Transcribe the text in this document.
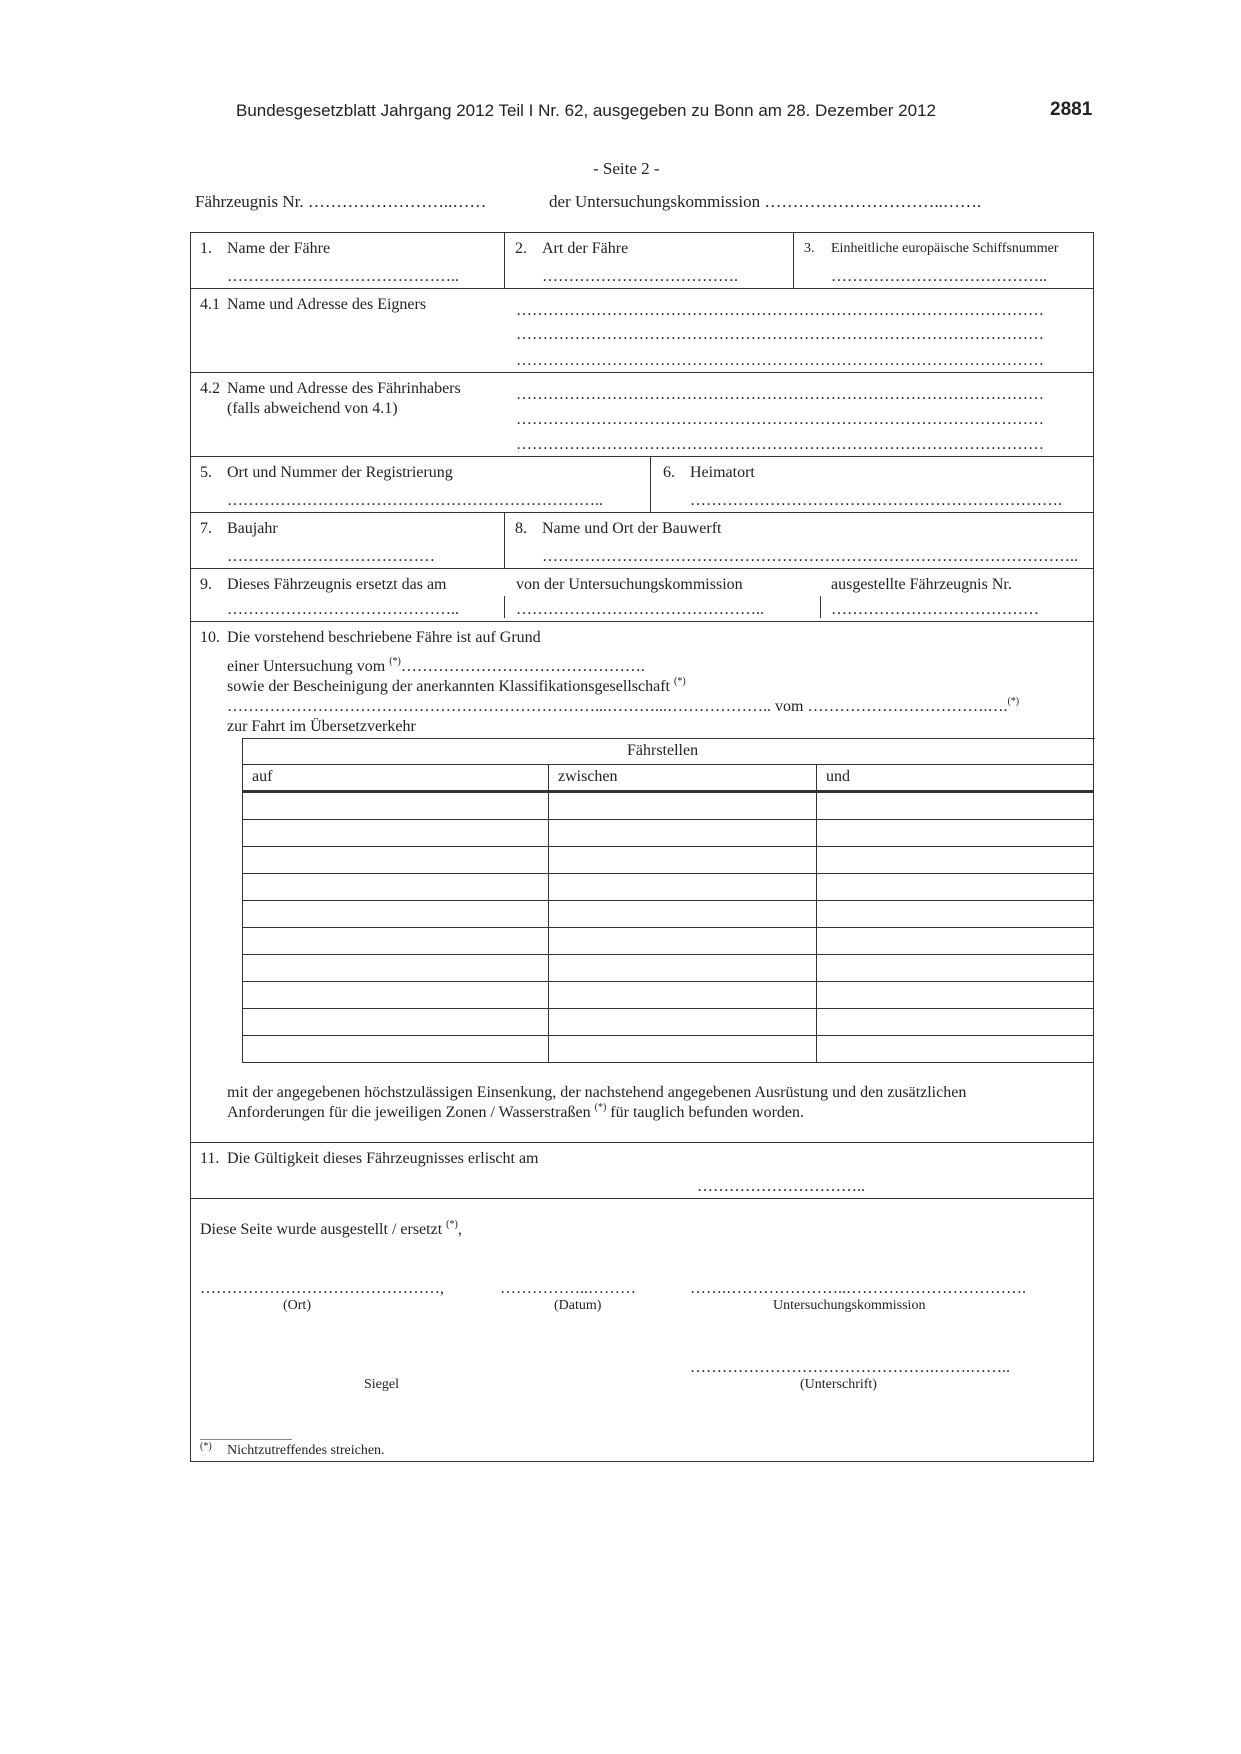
Bundesgesetzblatt Jahrgang 2012 Teil I Nr. 62, ausgegeben zu Bonn am 28. Dezember 2012	2881
- Seite 2 -
Fährzeugnis Nr. ……………………..……	der Untersuchungskommission …………………………..…….
1. Name der Fähre
……………………………………..
2. Art der Fähre
……………………………….
3. Einheitliche europäische Schiffsnummer
…………………………………..
4.1 Name und Adresse des Eigners	………………………………………………………………………………………
………………………………………………………………………………………
………………………………………………………………………………………
4.2 Name und Adresse des Fährinhabers
(falls abweichend von 4.1)
………………………………………………………………………………………
………………………………………………………………………………………
………………………………………………………………………………………
5. Ort und Nummer der Registrierung
……………………………………………………………..
6. Heimatort
…………………………………………………………….
7. Baujahr
…………………………………
8. Name und Ort der Bauwerft
………………………………………………………………………………………..
9. Dieses Fährzeugnis ersetzt das am
……………………………………..
von der Untersuchungskommission
………………………………………..
ausgestellte Fährzeugnis Nr.
…………………………………
10. Die vorstehend beschriebene Fähre ist auf Grund
einer Untersuchung vom (*)……………………………………….
sowie der Bescheinigung der anerkannten Klassifikationsgesellschaft (*)
……………………………………………………………...………...……………….. vom …………………………….….(*)
zur Fahrt im Übersetzverkehr
Fährstellen
auf	zwischen	und
mit der angegebenen höchstzulässigen Einsenkung, der nachstehend angegebenen Ausrüstung und den zusätzlichen
Anforderungen für die jeweiligen Zonen / Wasserstraßen (*) für tauglich befunden worden.
11. Die Gültigkeit dieses Fährzeugnisses erlischt am
…………………………..
Diese Seite wurde ausgestellt / ersetzt (*),
………………………………………,
(Ort)
……………..………
(Datum)
…….…………………..…………………………….
Untersuchungskommission
Siegel
……………………………………….…….……..
(Unterschrift)
(*) Nichtzutreffendes streichen.
